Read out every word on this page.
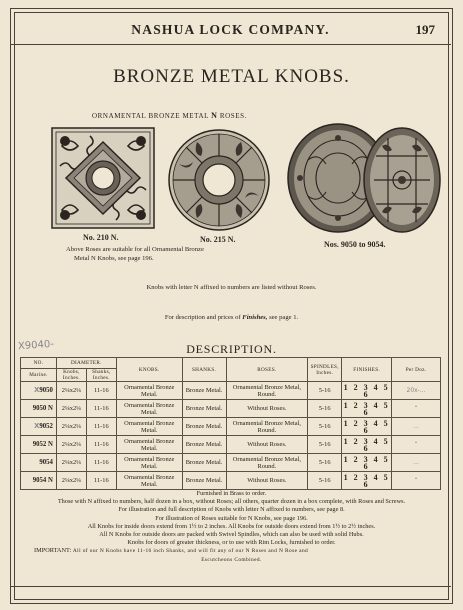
NASHUA LOCK COMPANY.	197
BRONZE METAL KNOBS.
ORNAMENTAL BRONZE METAL N ROSES.
No. 210 N.	No. 215 N.
Nos. 9050 to 9054.
Above Roses are suitable for all Ornamental Bronze
Metal N Knobs, see page 196.
Knobs with letter N affixed to numbers are listed without Roses.
For description and prices of Finishes, see page 1.
X9040-	DESCRIPTION.
NO.	DIAMETER.		KNOBS.	SHANKS.	ROSES.	SPINDLES, Inches.	FINISHES.	Per Doz.
Marine.	Knobs, Inches.	Shanks, Inches.						
X9050	2¼x2¼	11-16	Ornamental Bronze Metal.	Bronze Metal.	Ornamental Bronze Metal, Round.	5-16	1 2 3 4 5 6	20x-...
9050 N	2¼x2¼	11-16	Ornamental Bronze Metal.	Bronze Metal.	Without Roses.	5-16	1 2 3 4 5 6	“
X9052	2¼x2¼	11-16	Ornamental Bronze Metal.	Bronze Metal.	Ornamental Bronze Metal, Round.	5-16	1 2 3 4 5 6	...
9052 N	2¼x2¼	11-16	Ornamental Bronze Metal.	Bronze Metal.	Without Roses.	5-16	1 2 3 4 5 6	“
9054	2¼x2¼	11-16	Ornamental Bronze Metal.	Bronze Metal.	Ornamental Bronze Metal, Round.	5-16	1 2 3 4 5 6	...
9054 N	2¼x2¼	11-16	Ornamental Bronze Metal.	Bronze Metal.	Without Roses.	5-16	1 2 3 4 5 6	“
Furnished in Brass to order.
Those with N affixed to numbers, half dozen in a box, without Roses; all others, quarter dozen in a box complete, with Roses and Screws.
For illustration and full description of Knobs with letter N affixed to numbers, see page 8.
For illustration of Roses suitable for N Knobs, see page 196.
All Knobs for inside doors extend from 1½ to 2 inches. All Knobs for outside doors extend from 1½ to 2½ inches.
All N Knobs for outside doors are packed with Swivel Spindles, which can also be used with solid Hubs.
Knobs for doors of greater thickness, or to use with Rim Locks, furnished to order.
IMPORTANT: All of our N Knobs have 11-16 inch Shanks, and will fit any of our N Roses and N Rose and
Escutcheons Combined.
